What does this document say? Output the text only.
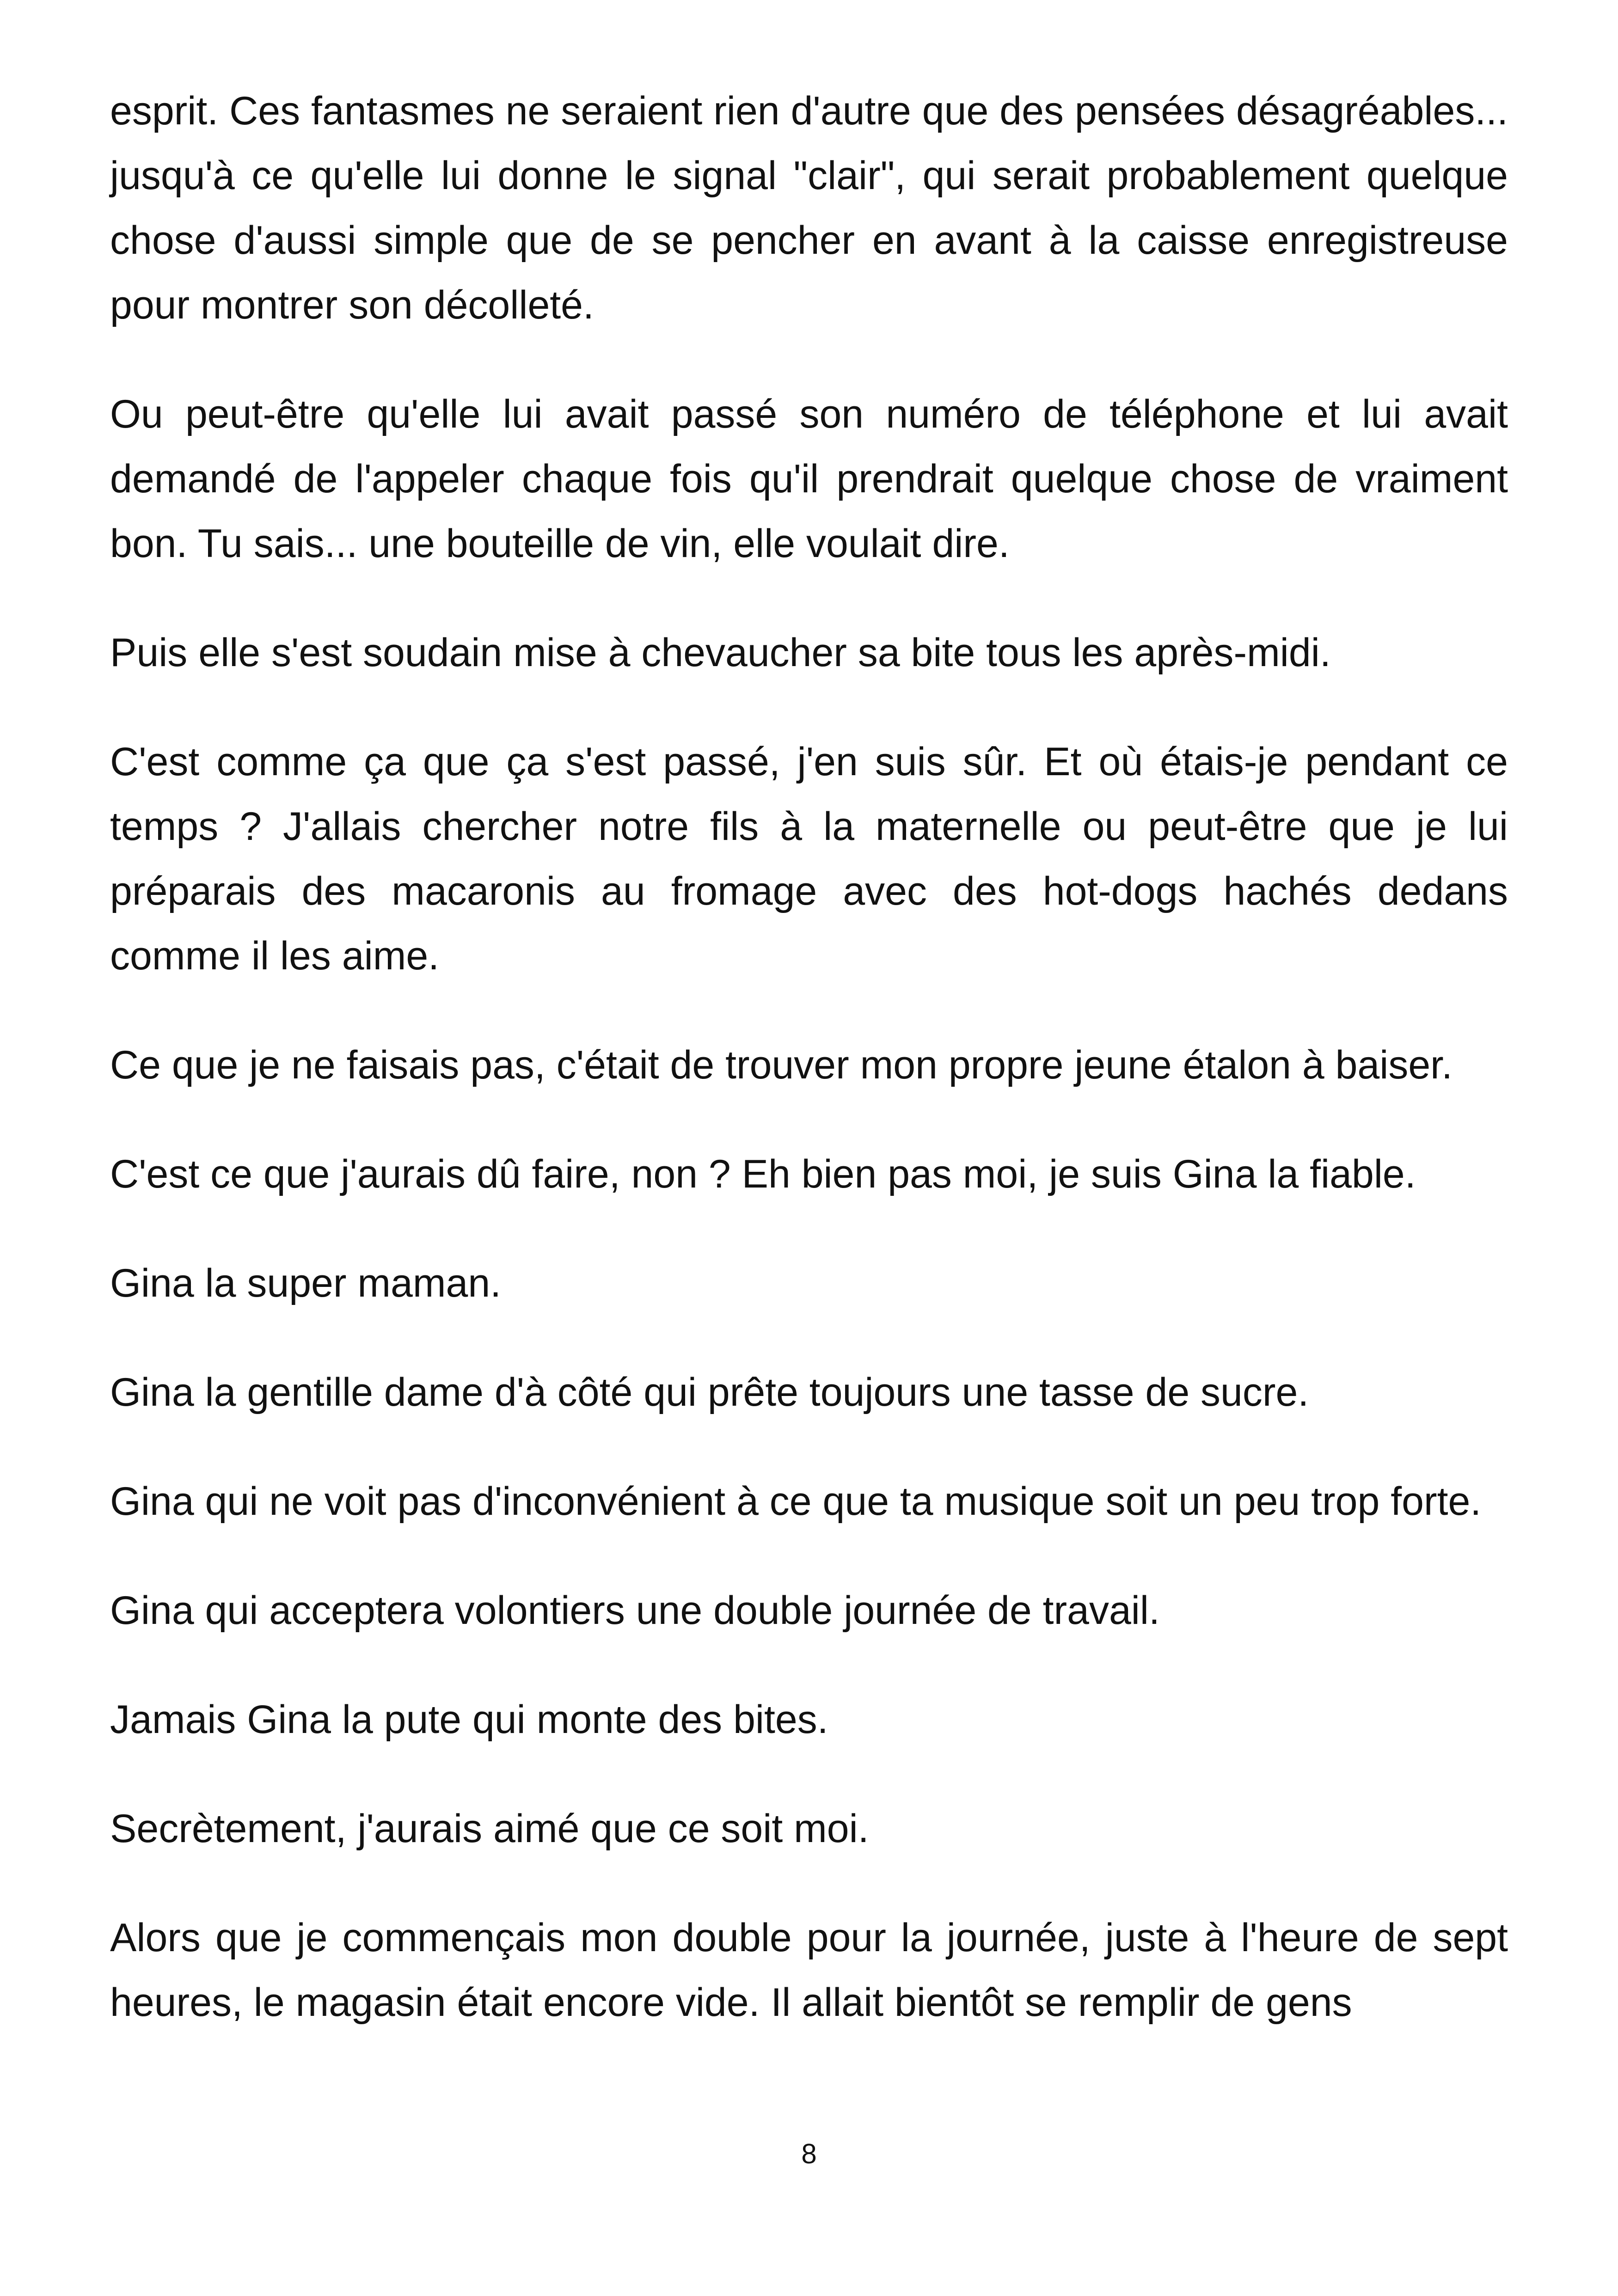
esprit. Ces fantasmes ne seraient rien d'autre que des pensées désagréables... jusqu'à ce qu'elle lui donne le signal "clair", qui serait probablement quelque chose d'aussi simple que de se pencher en avant à la caisse enregistreuse pour montrer son décolleté.

Ou peut-être qu'elle lui avait passé son numéro de téléphone et lui avait demandé de l'appeler chaque fois qu'il prendrait quelque chose de vraiment bon. Tu sais... une bouteille de vin, elle voulait dire.

Puis elle s'est soudain mise à chevaucher sa bite tous les après-midi.

C'est comme ça que ça s'est passé, j'en suis sûr. Et où étais-je pendant ce temps ? J'allais chercher notre fils à la maternelle ou peut-être que je lui préparais des macaronis au fromage avec des hot-dogs hachés dedans comme il les aime.

Ce que je ne faisais pas, c'était de trouver mon propre jeune étalon à baiser.

C'est ce que j'aurais dû faire, non ? Eh bien pas moi, je suis Gina la fiable.

Gina la super maman.

Gina la gentille dame d'à côté qui prête toujours une tasse de sucre.

Gina qui ne voit pas d'inconvénient à ce que ta musique soit un peu trop forte.

Gina qui acceptera volontiers une double journée de travail.

Jamais Gina la pute qui monte des bites.

Secrètement, j'aurais aimé que ce soit moi.

Alors que je commençais mon double pour la journée, juste à l'heure de sept heures, le magasin était encore vide. Il allait bientôt se remplir de gens

8
